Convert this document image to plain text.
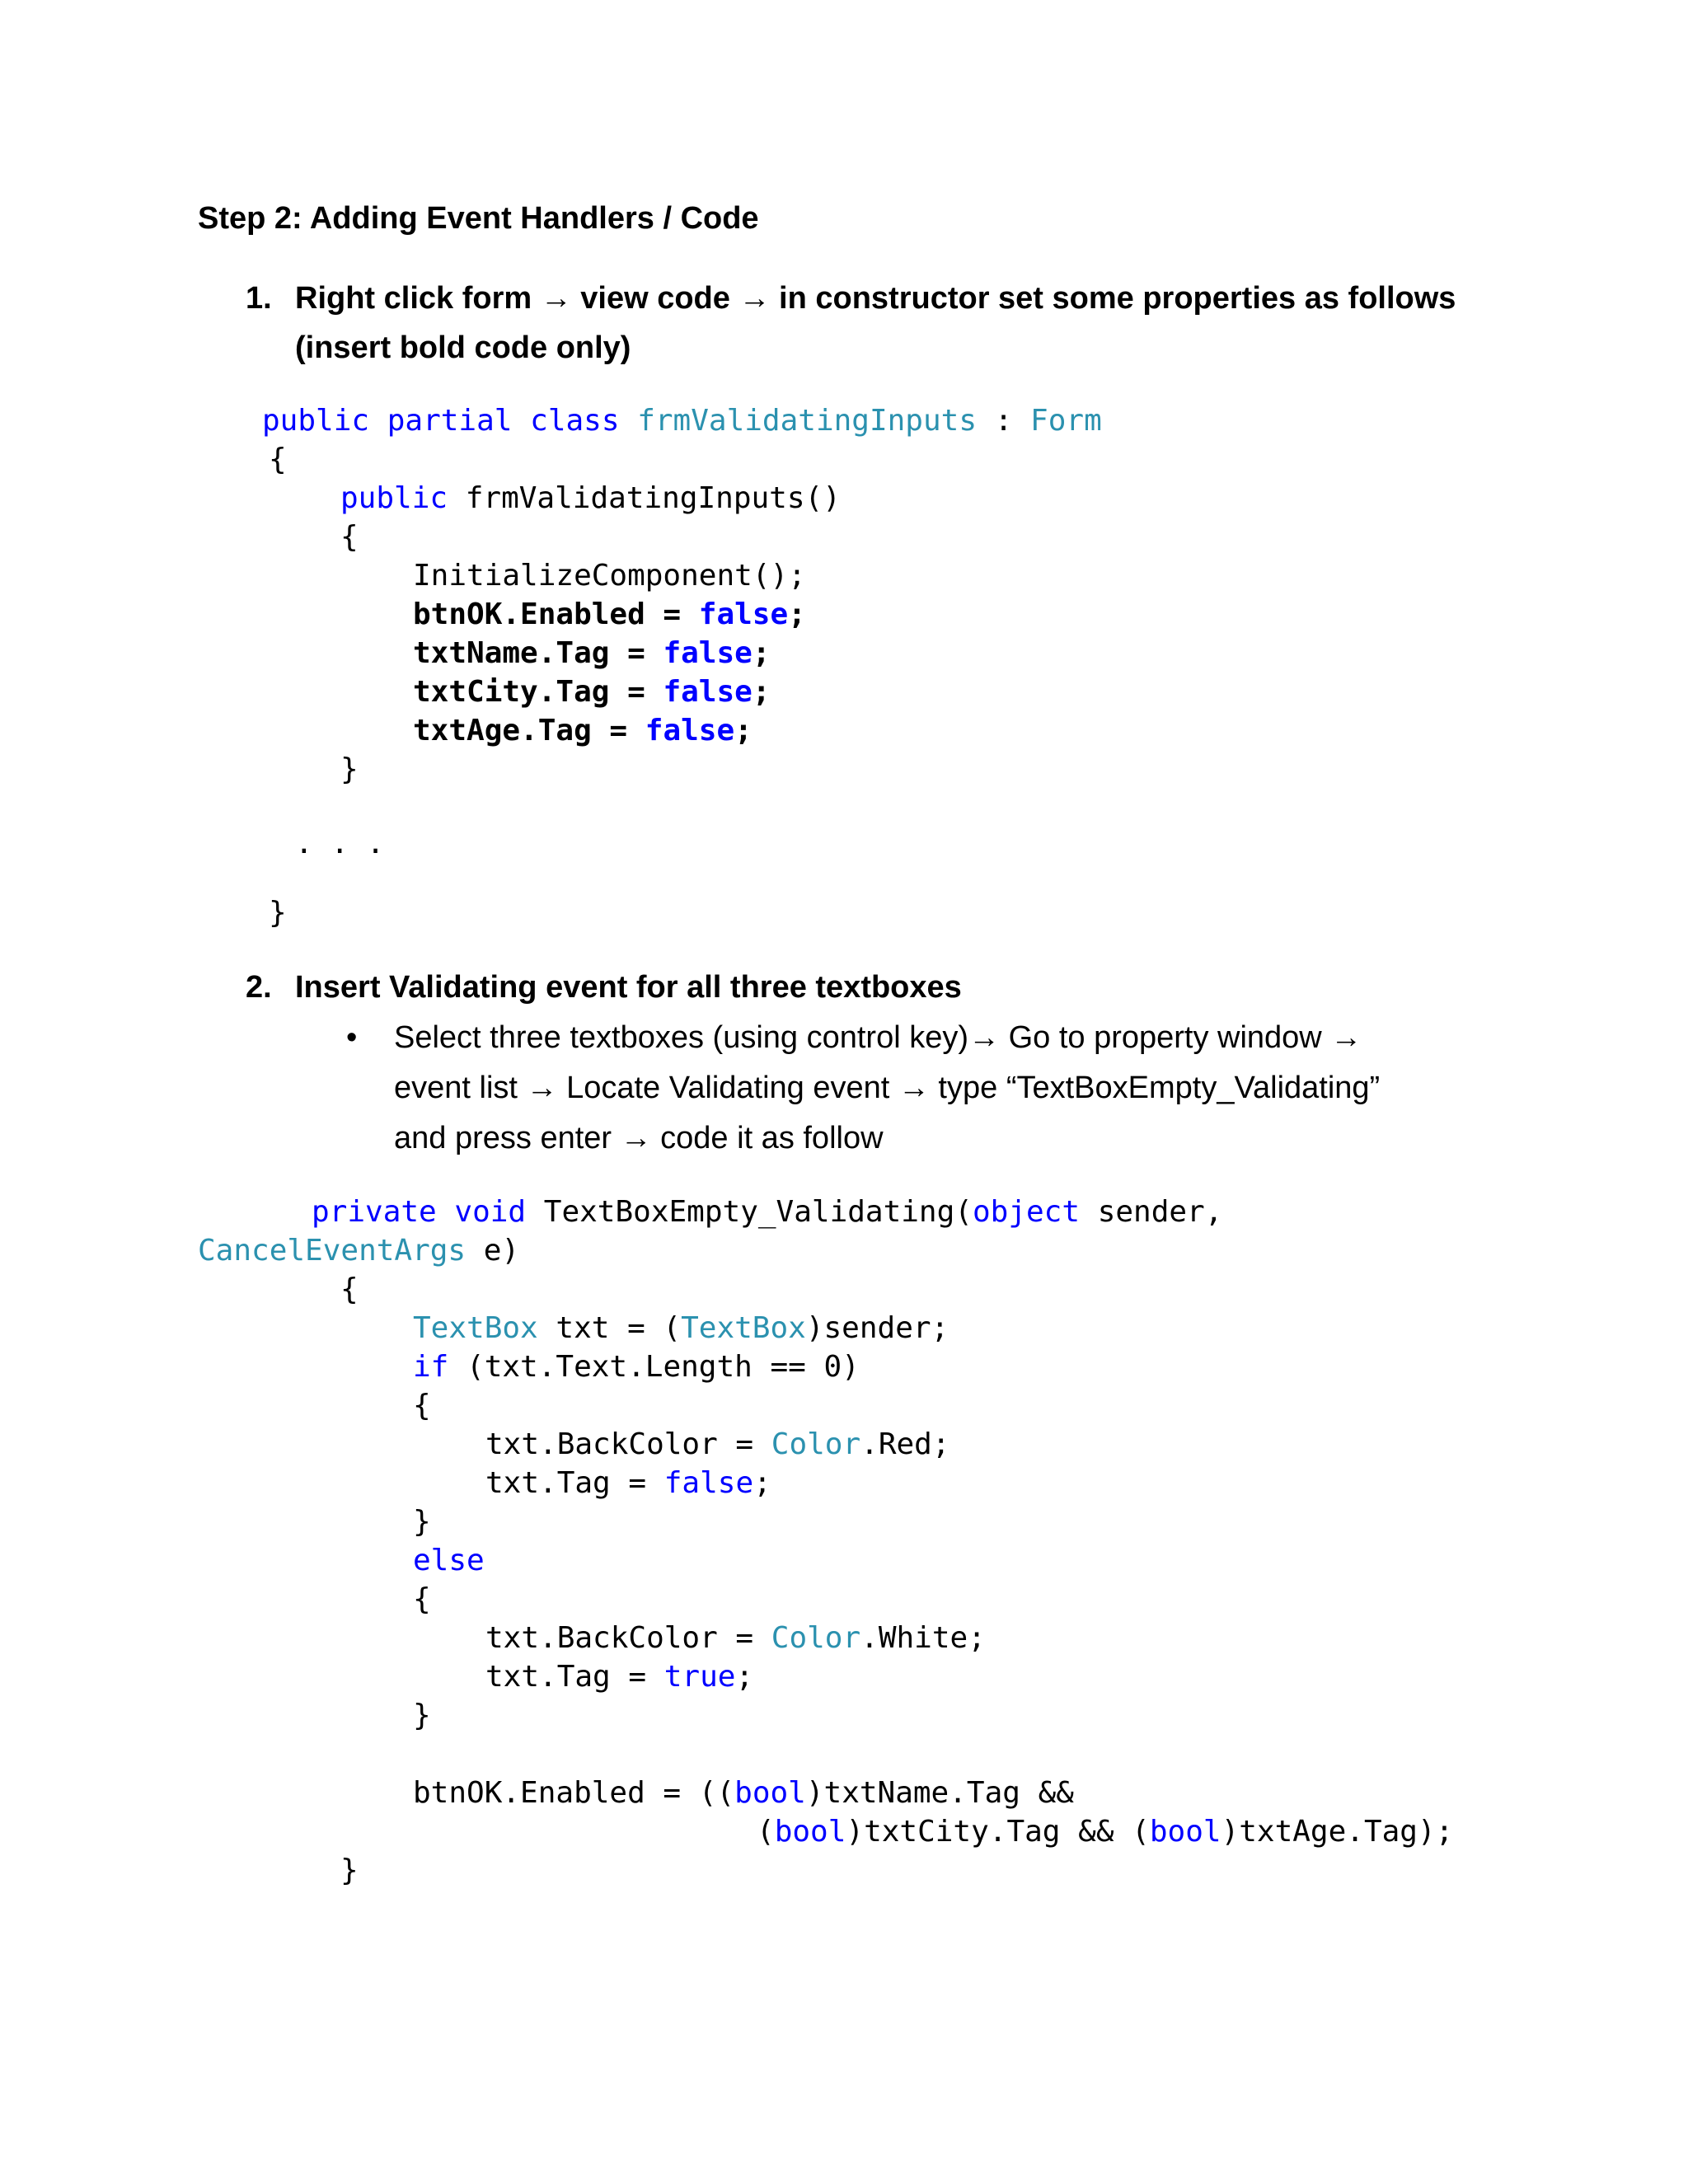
Step 2: Adding Event Handlers / Code
1. Right click form → view code → in constructor set some properties as follows
(insert bold code only)
public partial class frmValidatingInputs : Form
{
public frmValidatingInputs()
{
InitializeComponent();
btnOK.Enabled = false;
txtName.Tag = false;
txtCity.Tag = false;
txtAge.Tag = false;
}
. . .
}
2. Insert Validating event for all three textboxes
• Select three textboxes (using control key)→ Go to property window →
event list → Locate Validating event → type “TextBoxEmpty_Validating”
and press enter → code it as follow
private void TextBoxEmpty_Validating(object sender,
CancelEventArgs e)
{
TextBox txt = (TextBox)sender;
if (txt.Text.Length == 0)
{
txt.BackColor = Color.Red;
txt.Tag = false;
}
else
{
txt.BackColor = Color.White;
txt.Tag = true;
}
btnOK.Enabled = ((bool)txtName.Tag &&
(bool)txtCity.Tag && (bool)txtAge.Tag);
}
